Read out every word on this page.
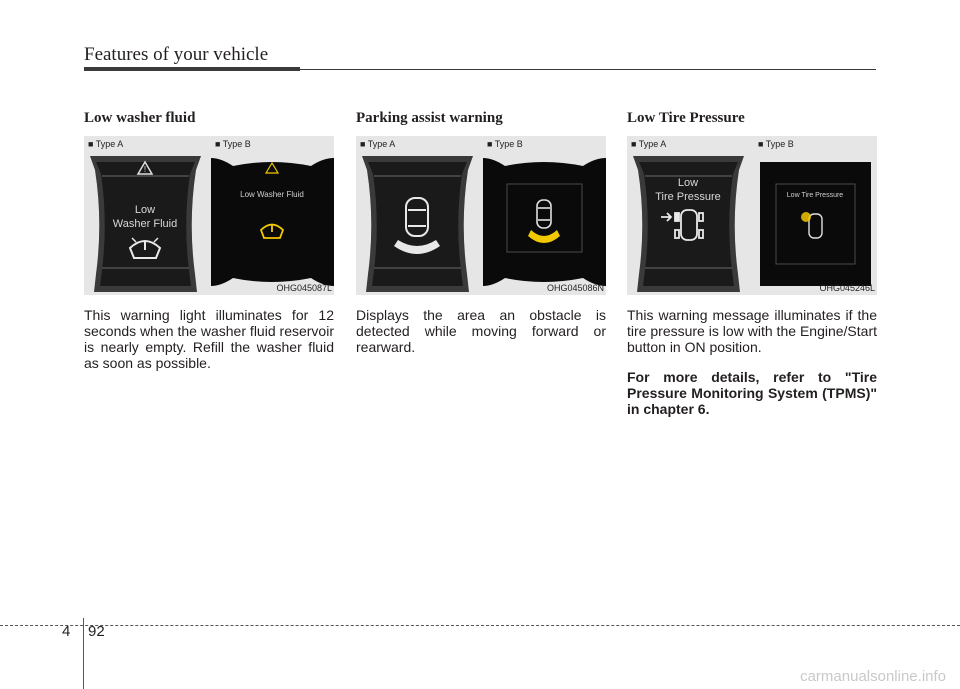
Features of your vehicle
Low washer fluid
■ Type A
!
Low
Washer Fluid
■ Type B
Low Washer Fluid
OHG045087L

This warning light illuminates for 12 seconds when the washer fluid reservoir is nearly empty. Refill the washer fluid as soon as possible.

Parking assist warning
■ Type A	■ Type B
OHG045086N

Displays the area an obstacle is detected while moving forward or rearward.

Low Tire Pressure
■ Type A
Low
Tire Pressure
■ Type B
Low Tire Pressure
OHG045246L

This warning message illuminates if the tire pressure is low with the Engine/Start button in ON position.

For more details, refer to "Tire Pressure Monitoring System (TPMS)" in chapter 6.

4 92
carmanualsonline.info
